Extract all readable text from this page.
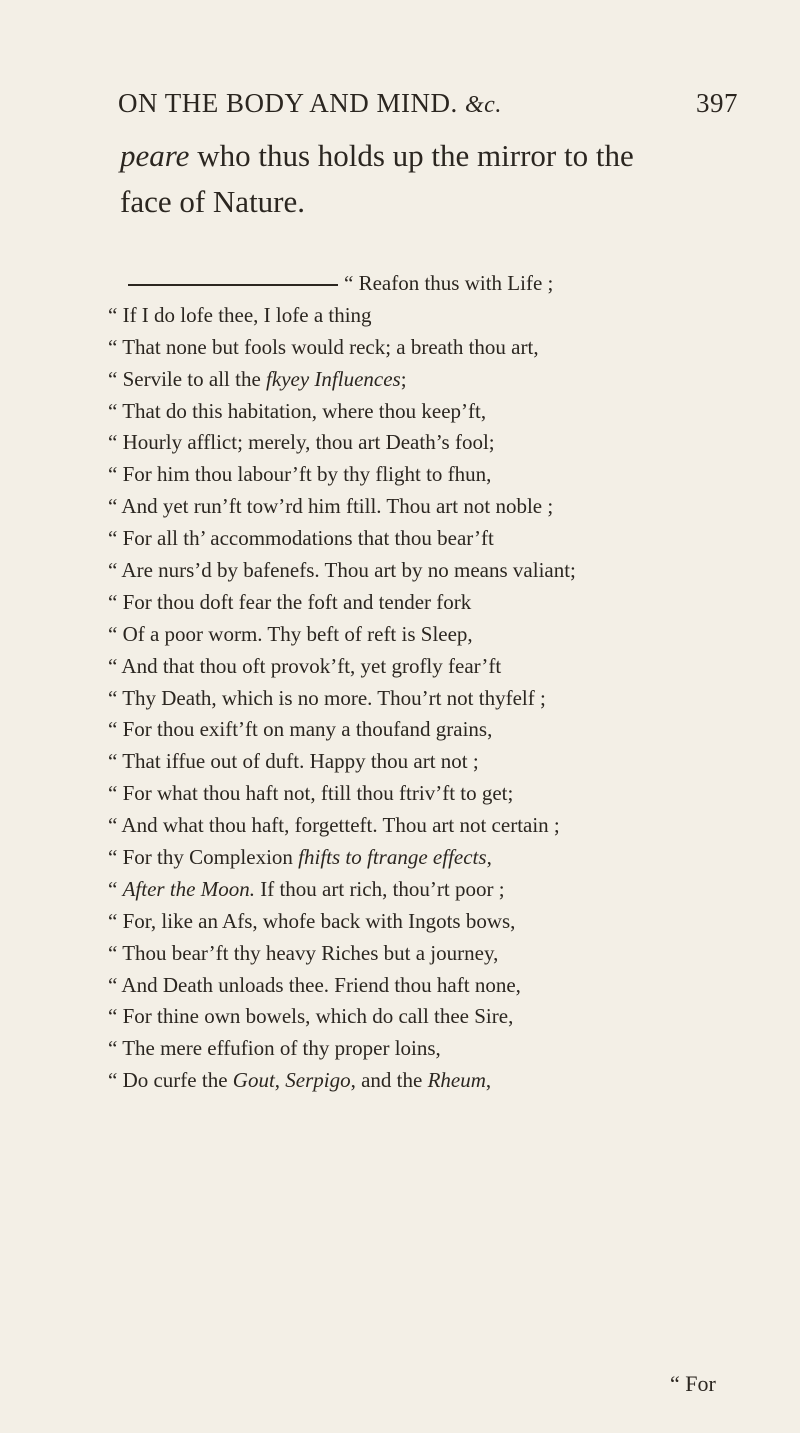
ON THE BODY AND MIND. &c.	397
peare who thus holds up the mirror to the
face of Nature.
“ Reafon thus with Life ;
“ If I do lofe thee, I lofe a thing
“ That none but fools would reck; a breath thou art,
“ Servile to all the fkyey Influences;
“ That do this habitation, where thou keep’ft,
“ Hourly afflict; merely, thou art Death’s fool;
“ For him thou labour’ft by thy flight to fhun,
“ And yet run’ft tow’rd him ftill. Thou art not noble ;
“ For all th’ accommodations that thou bear’ft
“ Are nurs’d by bafenefs. Thou art by no means valiant;
“ For thou doft fear the foft and tender fork
“ Of a poor worm. Thy beft of reft is Sleep,
“ And that thou oft provok’ft, yet grofly fear’ft
“ Thy Death, which is no more. Thou’rt not thyfelf ;
“ For thou exift’ft on many a thoufand grains,
“ That iffue out of duft. Happy thou art not ;
“ For what thou haft not, ftill thou ftriv’ft to get;
“ And what thou haft, forgetteft. Thou art not certain ;
“ For thy Complexion fhifts to ftrange effects,
“ After the Moon. If thou art rich, thou’rt poor ;
“ For, like an Afs, whofe back with Ingots bows,
“ Thou bear’ft thy heavy Riches but a journey,
“ And Death unloads thee. Friend thou haft none,
“ For thine own bowels, which do call thee Sire,
“ The mere effufion of thy proper loins,
“ Do curfe the Gout, Serpigo, and the Rheum,
“ For
